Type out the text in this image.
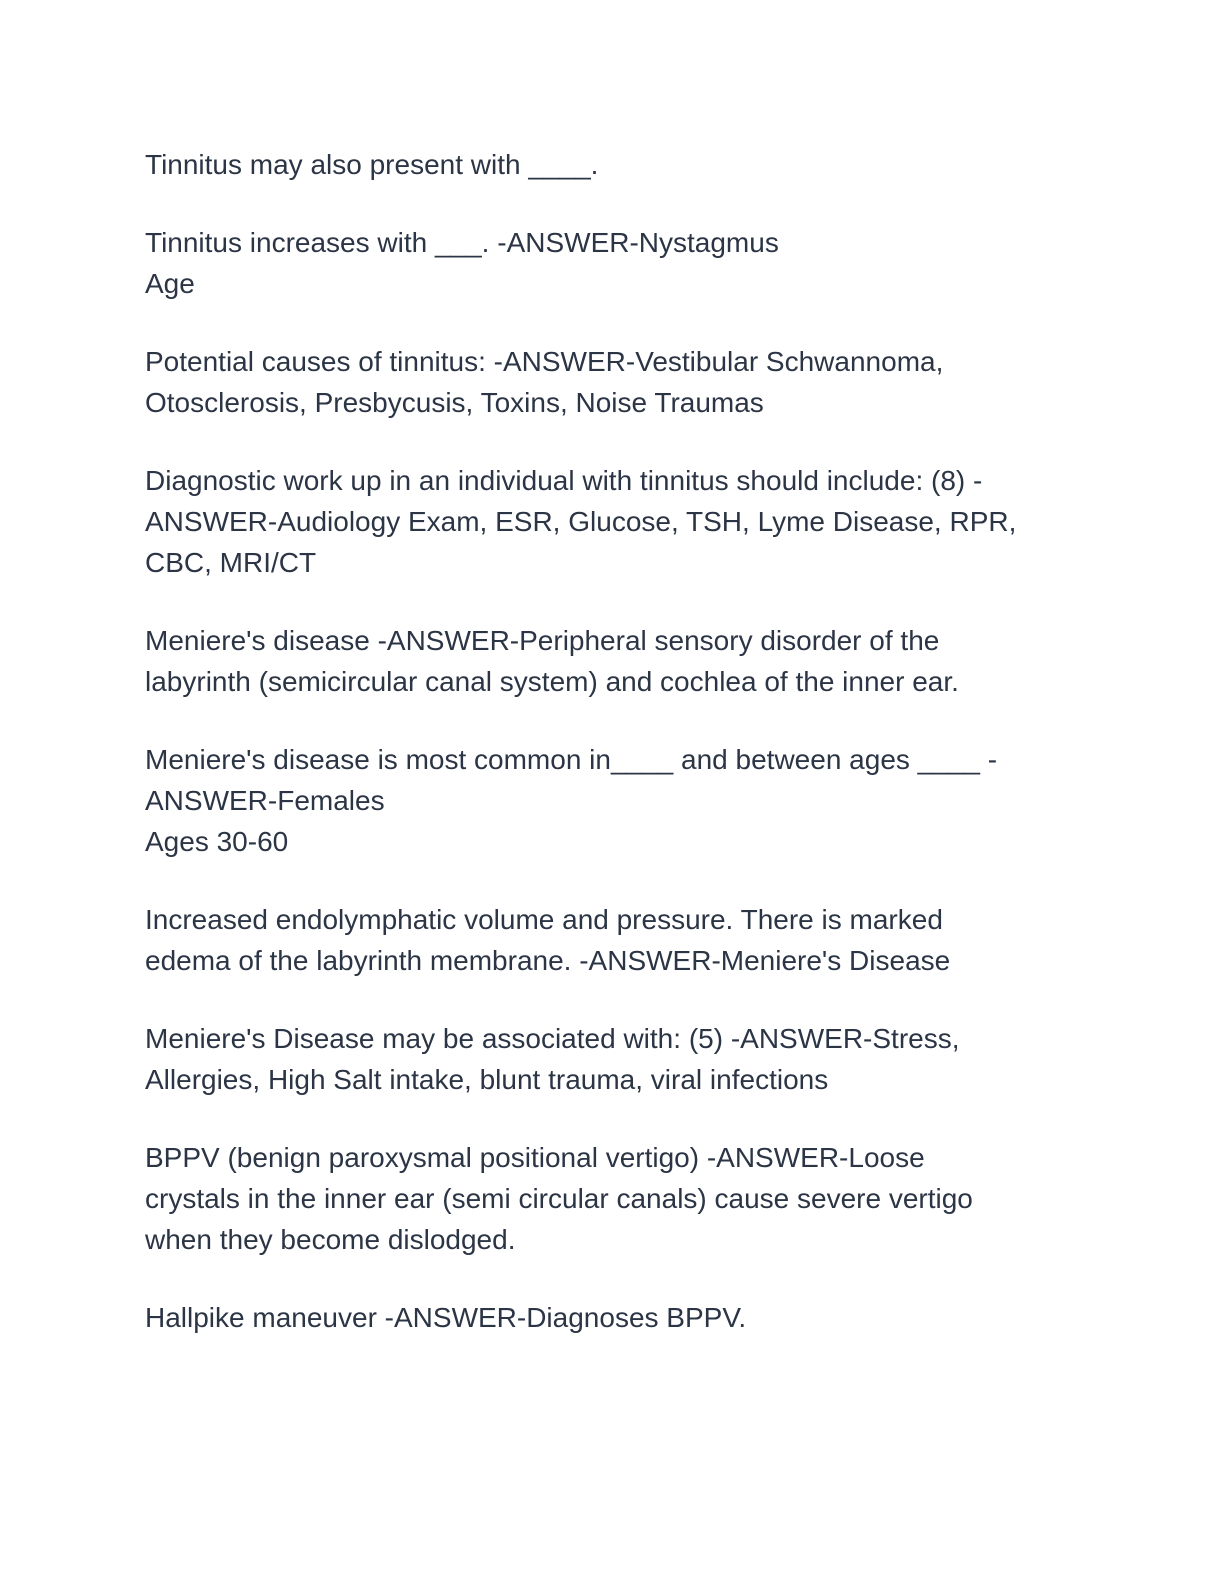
Tinnitus may also present with ____.
Tinnitus increases with ___. -ANSWER-Nystagmus
Age
Potential causes of tinnitus: -ANSWER-Vestibular Schwannoma,
Otosclerosis, Presbycusis, Toxins, Noise Traumas
Diagnostic work up in an individual with tinnitus should include: (8) -
ANSWER-Audiology Exam, ESR, Glucose, TSH, Lyme Disease, RPR,
CBC, MRI/CT
Meniere's disease -ANSWER-Peripheral sensory disorder of the
labyrinth (semicircular canal system) and cochlea of the inner ear.
Meniere's disease is most common in____ and between ages ____ -
ANSWER-Females
Ages 30-60
Increased endolymphatic volume and pressure. There is marked
edema of the labyrinth membrane. -ANSWER-Meniere's Disease
Meniere's Disease may be associated with: (5) -ANSWER-Stress,
Allergies, High Salt intake, blunt trauma, viral infections
BPPV (benign paroxysmal positional vertigo) -ANSWER-Loose
crystals in the inner ear (semi circular canals) cause severe vertigo
when they become dislodged.
Hallpike maneuver -ANSWER-Diagnoses BPPV.
